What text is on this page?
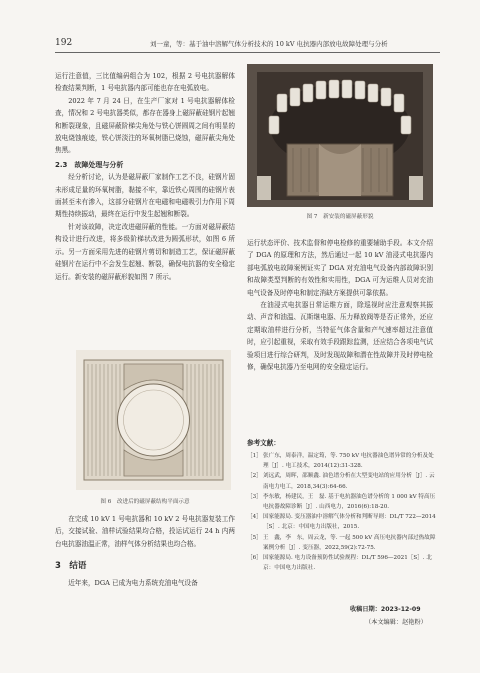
192	刘一童，等：基于油中溶解气体分析技术的 10 kV 电抗器内部放电故障处理与分析

运行注意值，三比值编码组合为 102，根据 2 号电抗器解体检查结果判断，1 号电抗器内部可能也存在电弧放电。

2022 年 7 月 24 日，在生产厂家对 1 号电抗器解体检查，情况和 2 号电抗器类似，都存在器身上磁屏蔽硅钢片起翘和断裂现象，且磁屏蔽阶梯尖角处与铁心饼圆周之间有明显的放电烧蚀痕迹，铁心饼淡注的环氧树脂已烧蚀，磁屏蔽尖角处焦黑。

2.3　故障处理与分析

经分析讨论，认为是磁屏蔽厂家制作工艺不良，硅钢片固未形成足量的环氧树脂，黏接不牢，靠近铁心周围的硅钢片表面甚至未有渗入，这部分硅钢片在电磁和电磁吸引力作用下周期性持续振动，最终在运行中发生起翘和断裂。

针对该故障，决定改进磁屏蔽的性能。一方面对磁屏蔽结构设计进行改进，将多级阶梯状改进为圆弧形状，如图 6 所示。另一方面采用先进的硅钢片剪切和制造工艺，保证磁屏蔽硅钢片在运行中不会发生起翘、断裂，确保电抗器的安全稳定运行。新安装的磁屏蔽形貌如图 7 所示。

图 6　改进后的磁屏蔽结构平面示意

在完成 10 kV 1 号电抗器和 10 kV 2 号电抗器复装工作后，交接试验、油样试验结果均合格，投运试运行 24 h 内两台电抗器油温正常，油样气体分析结果也均合格。

3　结语

近年来，DGA 已成为电力系统充油电气设备

图 7　新安装的磁屏蔽形貌

运行状态评价、技术监督和停电检修的重要辅助手段。本文介绍了 DGA 的原理和方法，然后通过一起 10 kV 油浸式电抗器内部电弧放电故障案例证实了 DGA 对充油电气设备内部故障识别和故障类型判断的有效性和实用性，DGA 可为运维人员对充油电气设备及时停电和制定消缺方案提供可靠依据。

在油浸式电抗器日常运维方面，除巡视时应注意观察其振动、声音和油温、瓦斯继电器、压力释放阀等是否正常外，还应定期取油样进行分析，当特征气体含量和产气速率超过注意值时，应引起重视，采取有效手段跟踪监测，还应结合各项电气试验项目进行综合研判，及时发现故障和潜在性故障并及时停电检修，确保电抗器乃至电网的安全稳定运行。

参考文献：

［1］ 张广东，周泰洋，温定筠，等. 750 kV 电抗器油色谱异常的分析及处理［J］. 电工技术，2014(12):31-328.

［2］ 刘远武，周晖，邵顺鑫. 油色谱分析在大型变电站的应用分析［J］. 云南电力电工，2018,34(3):64-66.

［3］ 李东敏，杨建民，王　磊. 基于电抗器油色谱分析的 1 000 kV 特高压电抗器故障诊断［J］. 山西电力，2016(6):18-20.

［4］ 国家能源局. 变压器油中溶解气体分析和判断导则：DL/T 722—2014［S］. 北京：中国电力出版社，2015.

［5］ 王　鑫，李　东，周云龙，等. 一起 500 kV 高压电抗器内部过热故障案例分析［J］. 变压器，2022,59(2):72-75.

［6］ 国家能源局. 电力设备预防性试验规程：DL/T 596—2021［S］. 北京：中国电力出版社.

收稿日期：2023-12-09
（本文编辑：赵艳粉）
